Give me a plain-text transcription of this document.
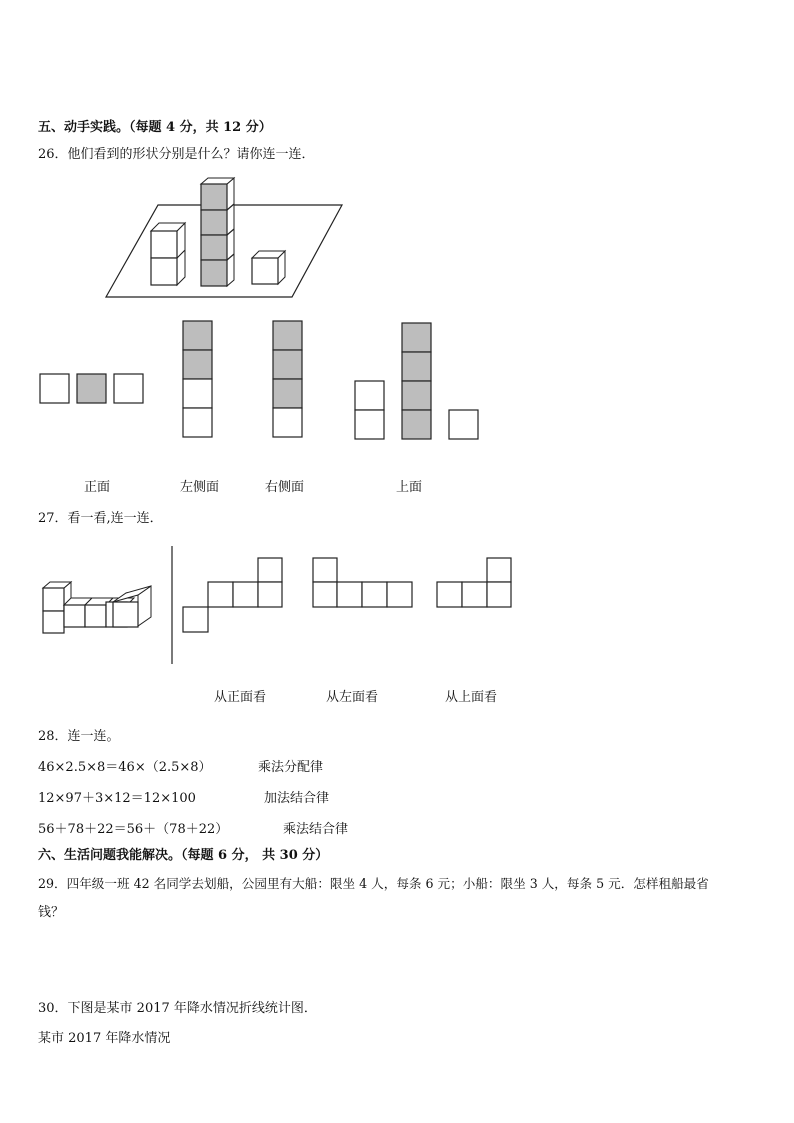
五、动手实践。（每题 4 分，共 12 分）
26．他们看到的形状分别是什么？请你连一连．
正面	左侧面	右侧面	上面
27．看一看,连一连．
从正面看	从左面看	从上面看
28．连一连。
46×2.5×8＝46×（2.5×8）	乘法分配律
12×97＋3×12＝12×100	加法结合律
56＋78＋22＝56＋（78＋22）	乘法结合律
六、生活问题我能解决。（每题 6 分， 共 30 分）
29．四年级一班 42 名同学去划船，公园里有大船：限坐 4 人，每条 6 元；小船：限坐 3 人，每条 5 元．怎样租船最省
钱？
30．下图是某市 2017 年降水情况折线统计图．
某市 2017 年降水情况
